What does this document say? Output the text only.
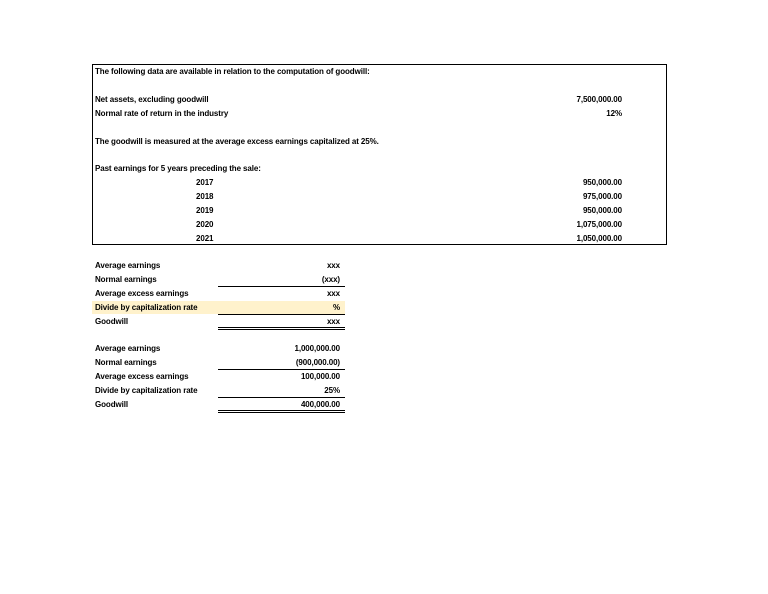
The following data are available in relation to the computation of goodwill:
Net assets, excluding goodwill	7,500,000.00
Normal rate of return in the industry	12%
The goodwill is measured at the average excess earnings capitalized at 25%.
Past earnings for 5 years preceding the sale:
2017	950,000.00
2018	975,000.00
2019	950,000.00
2020	1,075,000.00
2021	1,050,000.00
Average earnings	xxx
Normal earnings	(xxx)
Average excess earnings	xxx
Divide by capitalization rate	%
Goodwill	xxx
Average earnings	1,000,000.00
Normal earnings	(900,000.00)
Average excess earnings	100,000.00
Divide by capitalization rate	25%
Goodwill	400,000.00
